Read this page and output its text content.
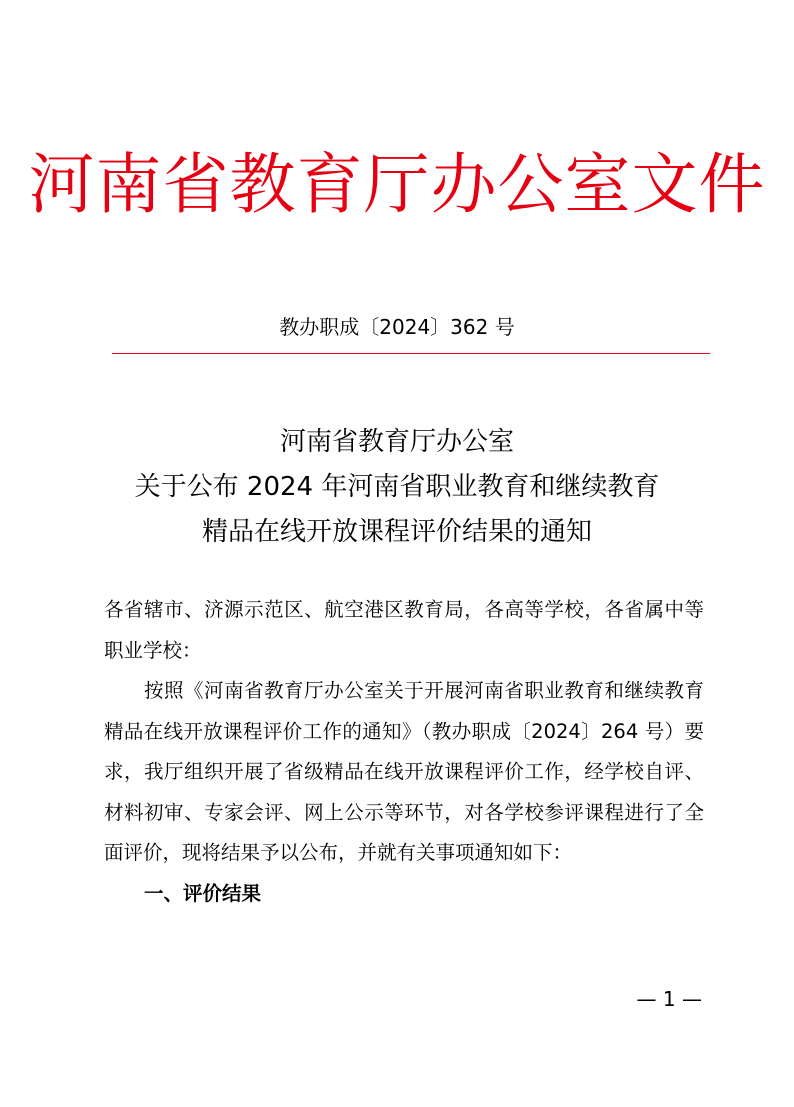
河南省教育厅办公室文件
教办职成〔2024〕362 号
河南省教育厅办公室
关于公布 2024 年河南省职业教育和继续教育
精品在线开放课程评价结果的通知

各省辖市、济源示范区、航空港区教育局，各高等学校，各省属中等职业学校：

按照《河南省教育厅办公室关于开展河南省职业教育和继续教育精品在线开放课程评价工作的通知》（教办职成〔2024〕264 号）要求，我厅组织开展了省级精品在线开放课程评价工作，经学校自评、材料初审、专家会评、网上公示等环节，对各学校参评课程进行了全面评价，现将结果予以公布，并就有关事项通知如下：

一、评价结果

— 1 —
